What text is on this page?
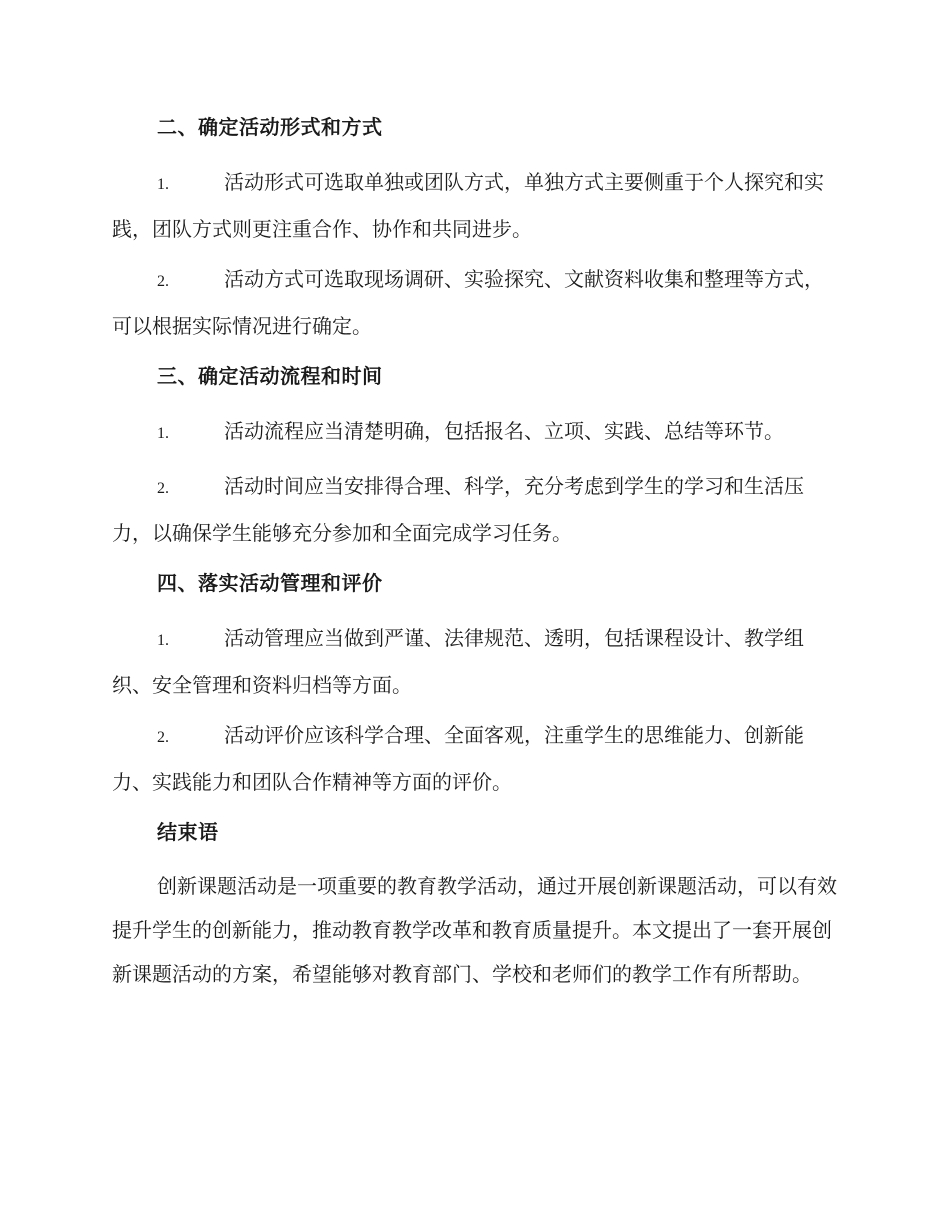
二、确定活动形式和方式
1.	活动形式可选取单独或团队方式，单独方式主要侧重于个人探究和实践，团队方式则更注重合作、协作和共同进步。
2.	活动方式可选取现场调研、实验探究、文献资料收集和整理等方式，可以根据实际情况进行确定。
三、确定活动流程和时间
1.	活动流程应当清楚明确，包括报名、立项、实践、总结等环节。
2.	活动时间应当安排得合理、科学，充分考虑到学生的学习和生活压力，以确保学生能够充分参加和全面完成学习任务。
四、落实活动管理和评价
1.	活动管理应当做到严谨、法律规范、透明，包括课程设计、教学组织、安全管理和资料归档等方面。
2.	活动评价应该科学合理、全面客观，注重学生的思维能力、创新能力、实践能力和团队合作精神等方面的评价。
结束语
创新课题活动是一项重要的教育教学活动，通过开展创新课题活动，可以有效提升学生的创新能力，推动教育教学改革和教育质量提升。本文提出了一套开展创新课题活动的方案，希望能够对教育部门、学校和老师们的教学工作有所帮助。
